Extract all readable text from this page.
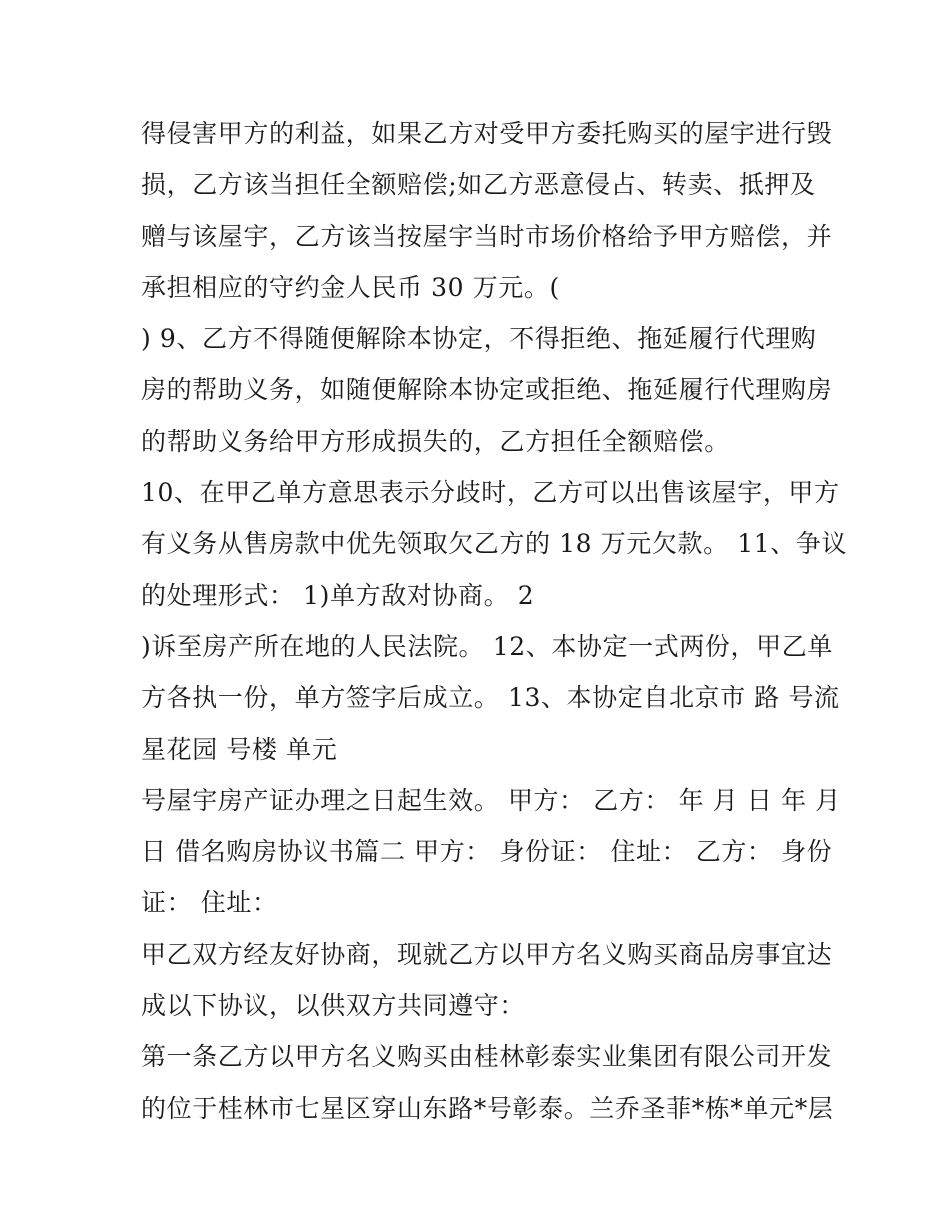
得侵害甲方的利益，如果乙方对受甲方委托购买的屋宇进行毁
损，乙方该当担任全额赔偿;如乙方恶意侵占、转卖、抵押及
赠与该屋宇，乙方该当按屋宇当时市场价格给予甲方赔偿，并
承担相应的守约金人民币 30 万元。(
) 9、乙方不得随便解除本协定，不得拒绝、拖延履行代理购
房的帮助义务，如随便解除本协定或拒绝、拖延履行代理购房
的帮助义务给甲方形成损失的，乙方担任全额赔偿。
10、在甲乙单方意思表示分歧时，乙方可以出售该屋宇，甲方
有义务从售房款中优先领取欠乙方的 18 万元欠款。 11、争议
的处理形式： 1)单方敌对协商。 2
)诉至房产所在地的人民法院。 12、本协定一式两份，甲乙单
方各执一份，单方签字后成立。 13、本协定自北京市 路 号流
星花园 号楼 单元
号屋宇房产证办理之日起生效。 甲方： 乙方： 年 月 日 年 月
日 借名购房协议书篇二 甲方： 身份证： 住址： 乙方： 身份
证： 住址：
甲乙双方经友好协商，现就乙方以甲方名义购买商品房事宜达
成以下协议，以供双方共同遵守：
第一条乙方以甲方名义购买由桂林彰泰实业集团有限公司开发
的位于桂林市七星区穿山东路*号彰泰。兰乔圣菲*栋*单元*层
